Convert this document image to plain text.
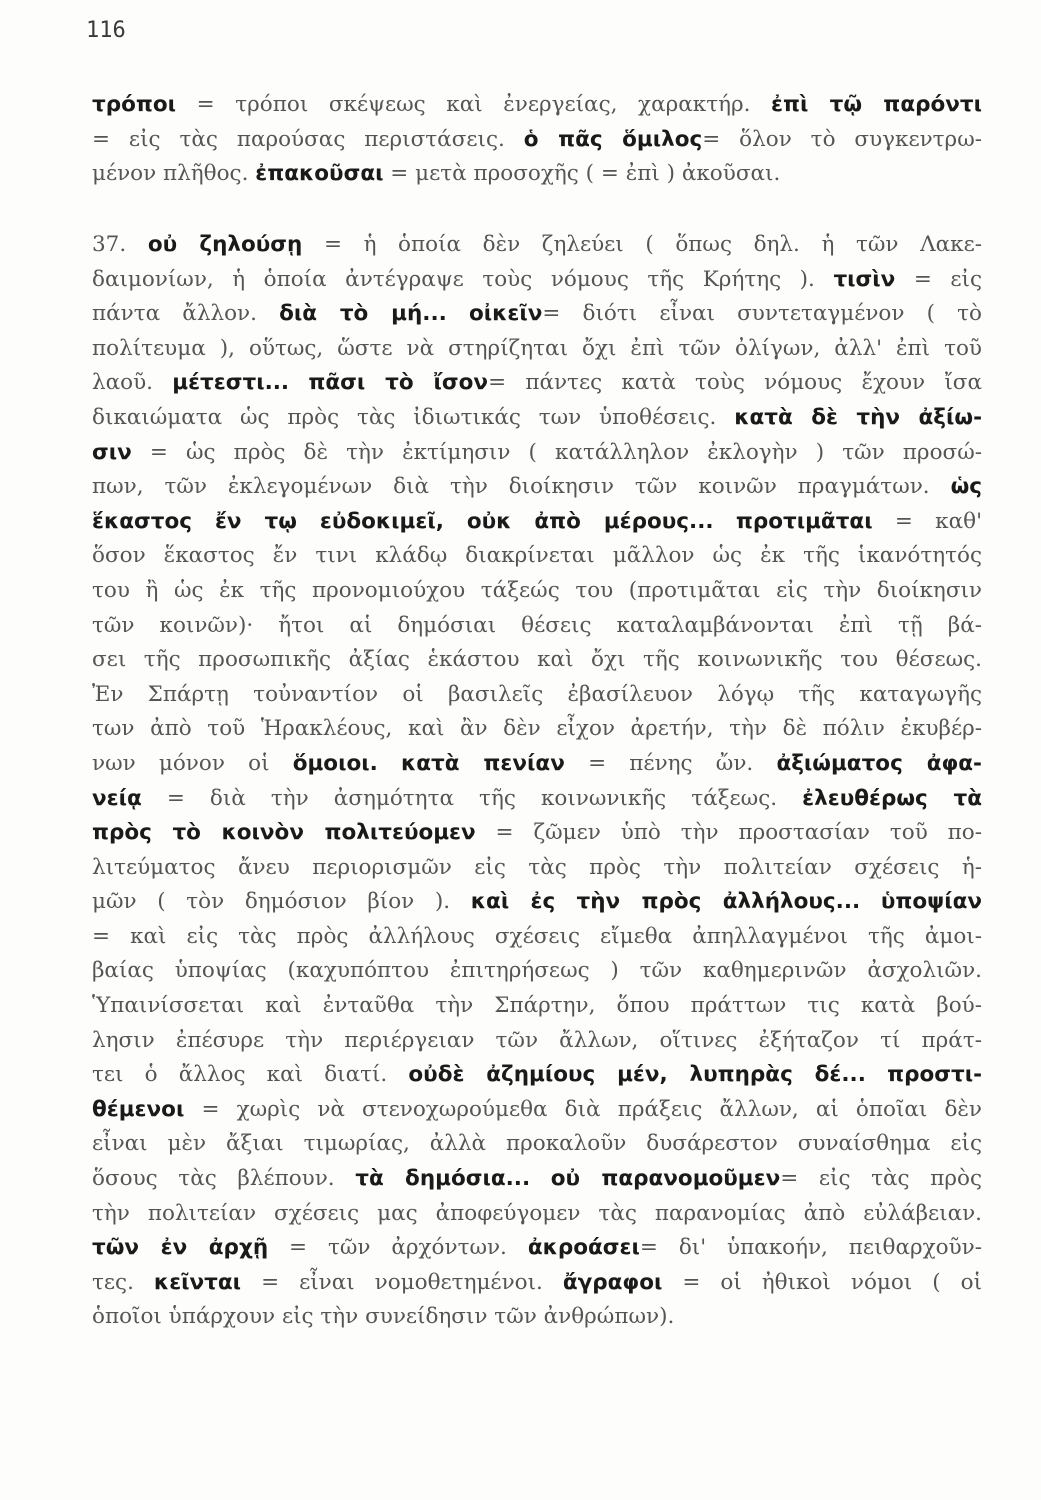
116
τρόποι = τρόποι σκέψεως καὶ ἐνεργείας, χαρακτήρ. ἐπὶ τῷ παρόντι
= εἰς τὰς παρούσας περιστάσεις. ὁ πᾶς ὅμιλος= ὅλον τὸ συγκεντρω-
μένον πλῆθος. ἐπακοῦσαι = μετὰ προσοχῆς ( = ἐπὶ ) ἀκοῦσαι.
37. οὐ ζηλούσῃ = ἡ ὁποία δὲν ζηλεύει ( ὅπως δηλ. ἡ τῶν Λακε-
δαιμονίων, ἡ ὁποία ἀντέγραψε τοὺς νόμους τῆς Κρήτης ). τισὶν = εἰς
πάντα ἄλλον. διὰ τὸ μή... οἰκεῖν= διότι εἶναι συντεταγμένον ( τὸ
πολίτευμα ), οὕτως, ὥστε νὰ στηρίζηται ὄχι ἐπὶ τῶν ὀλίγων, ἀλλ' ἐπὶ τοῦ
λαοῦ. μέτεστι... πᾶσι τὸ ἴσον= πάντες κατὰ τοὺς νόμους ἔχουν ἴσα
δικαιώματα ὡς πρὸς τὰς ἰδιωτικάς των ὑποθέσεις. κατὰ δὲ τὴν ἀξίω-
σιν = ὡς πρὸς δὲ τὴν ἐκτίμησιν ( κατάλληλον ἐκλογὴν ) τῶν προσώ-
πων, τῶν ἐκλεγομένων διὰ τὴν διοίκησιν τῶν κοινῶν πραγμάτων. ὡς
ἕκαστος ἔν τῳ εὐδοκιμεῖ, οὐκ ἀπὸ μέρους... προτιμᾶται = καθ'
ὅσον ἕκαστος ἔν τινι κλάδῳ διακρίνεται μᾶλλον ὡς ἐκ τῆς ἱκανότητός
του ἢ ὡς ἐκ τῆς προνομιούχου τάξεώς του (προτιμᾶται εἰς τὴν διοίκησιν
τῶν κοινῶν)· ἤτοι αἱ δημόσιαι θέσεις καταλαμβάνονται ἐπὶ τῇ βά-
σει τῆς προσωπικῆς ἀξίας ἑκάστου καὶ ὄχι τῆς κοινωνικῆς του θέσεως.
Ἐν Σπάρτῃ τοὐναντίον οἱ βασιλεῖς ἐβασίλευον λόγῳ τῆς καταγωγῆς
των ἀπὸ τοῦ Ἡρακλέους, καὶ ἂν δὲν εἶχον ἀρετήν, τὴν δὲ πόλιν ἐκυβέρ-
νων μόνον οἱ ὅμοιοι. κατὰ πενίαν = πένης ὤν. ἀξιώματος ἀφα-
νείᾳ = διὰ τὴν ἀσημότητα τῆς κοινωνικῆς τάξεως. ἐλευθέρως τὰ
πρὸς τὸ κοινὸν πολιτεύομεν = ζῶμεν ὑπὸ τὴν προστασίαν τοῦ πο-
λιτεύματος ἄνευ περιορισμῶν εἰς τὰς πρὸς τὴν πολιτείαν σχέσεις ἡ-
μῶν ( τὸν δημόσιον βίον ). καὶ ἐς τὴν πρὸς ἀλλήλους... ὑποψίαν
= καὶ εἰς τὰς πρὸς ἀλλήλους σχέσεις εἴμεθα ἀπηλλαγμένοι τῆς ἀμοι-
βαίας ὑποψίας (καχυπόπτου ἐπιτηρήσεως ) τῶν καθημερινῶν ἀσχολιῶν.
Ὑπαινίσσεται καὶ ἐνταῦθα τὴν Σπάρτην, ὅπου πράττων τις κατὰ βού-
λησιν ἐπέσυρε τὴν περιέργειαν τῶν ἄλλων, οἵτινες ἐξήταζον τί πράτ-
τει ὁ ἄλλος καὶ διατί. οὐδὲ ἀζημίους μέν, λυπηρὰς δέ... προστι-
θέμενοι = χωρὶς νὰ στενοχωρούμεθα διὰ πράξεις ἄλλων, αἱ ὁποῖαι δὲν
εἶναι μὲν ἄξιαι τιμωρίας, ἀλλὰ προκαλοῦν δυσάρεστον συναίσθημα εἰς
ὅσους τὰς βλέπουν. τὰ δημόσια... οὐ παρανομοῦμεν= εἰς τὰς πρὸς
τὴν πολιτείαν σχέσεις μας ἀποφεύγομεν τὰς παρανομίας ἀπὸ εὐλάβειαν.
τῶν ἐν ἀρχῇ = τῶν ἀρχόντων. ἀκροάσει= δι' ὑπακοήν, πειθαρχοῦν-
τες. κεῖνται = εἶναι νομοθετημένοι. ἄγραφοι = οἱ ἠθικοὶ νόμοι ( οἱ
ὁποῖοι ὑπάρχουν εἰς τὴν συνείδησιν τῶν ἀνθρώπων).
